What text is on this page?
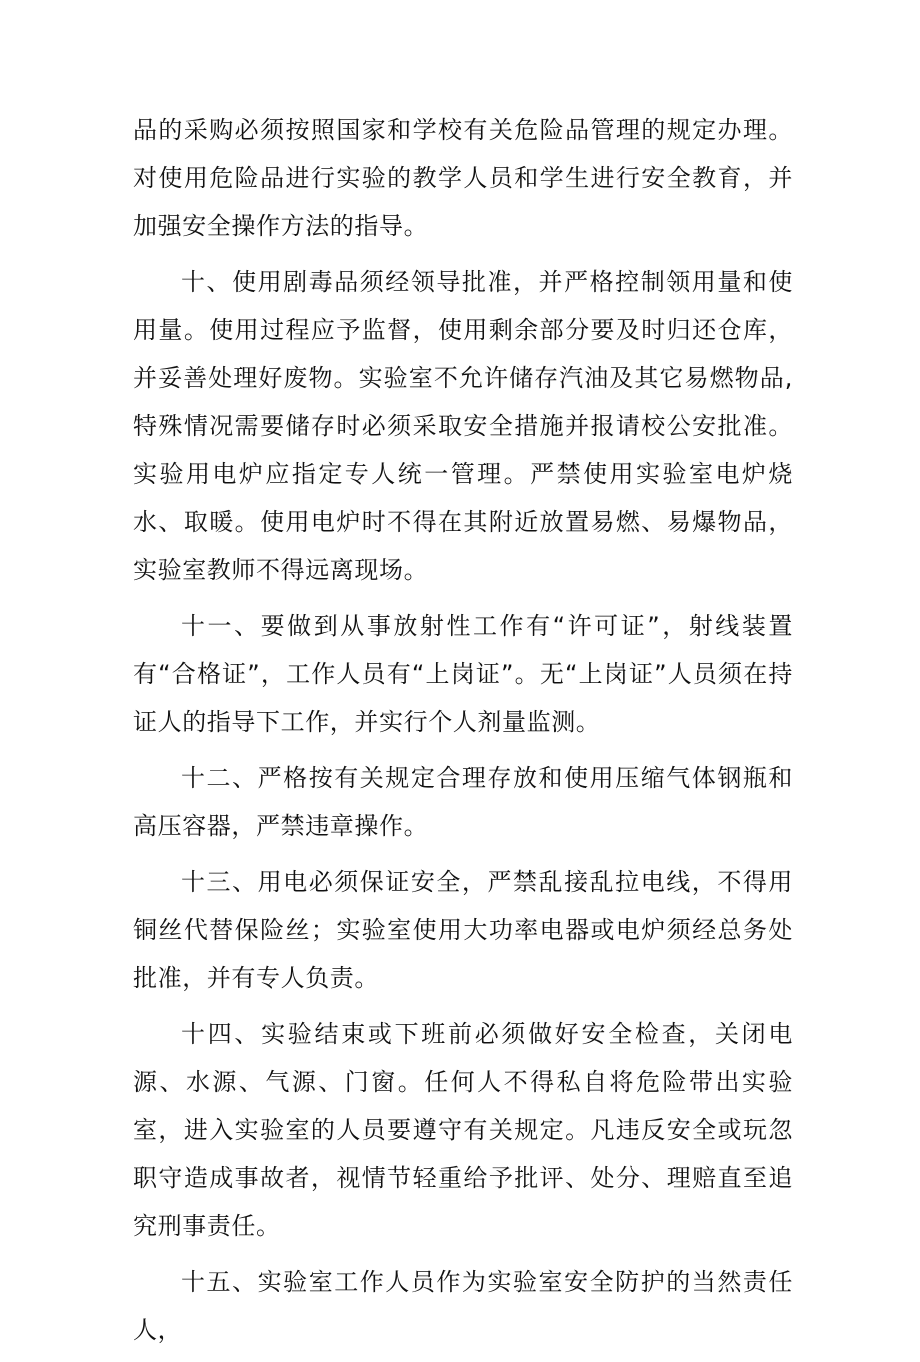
品的采购必须按照国家和学校有关危险品管理的规定办理。对使用危险品进行实验的教学人员和学生进行安全教育，并加强安全操作方法的指导。

十、使用剧毒品须经领导批准，并严格控制领用量和使用量。使用过程应予监督，使用剩余部分要及时归还仓库，并妥善处理好废物。实验室不允许储存汽油及其它易燃物品,特殊情况需要储存时必须采取安全措施并报请校公安批准。实验用电炉应指定专人统一管理。严禁使用实验室电炉烧水、取暖。使用电炉时不得在其附近放置易燃、易爆物品，实验室教师不得远离现场。

十一、要做到从事放射性工作有“许可证”，射线装置有“合格证”，工作人员有“上岗证”。无“上岗证”人员须在持证人的指导下工作，并实行个人剂量监测。

十二、严格按有关规定合理存放和使用压缩气体钢瓶和高压容器，严禁违章操作。

十三、用电必须保证安全，严禁乱接乱拉电线，不得用铜丝代替保险丝；实验室使用大功率电器或电炉须经总务处批准，并有专人负责。

十四、实验结束或下班前必须做好安全检查，关闭电源、水源、气源、门窗。任何人不得私自将危险带出实验室，进入实验室的人员要遵守有关规定。凡违反安全或玩忽职守造成事故者，视情节轻重给予批评、处分、理赔直至追究刑事责任。

十五、实验室工作人员作为实验室安全防护的当然责任人，
